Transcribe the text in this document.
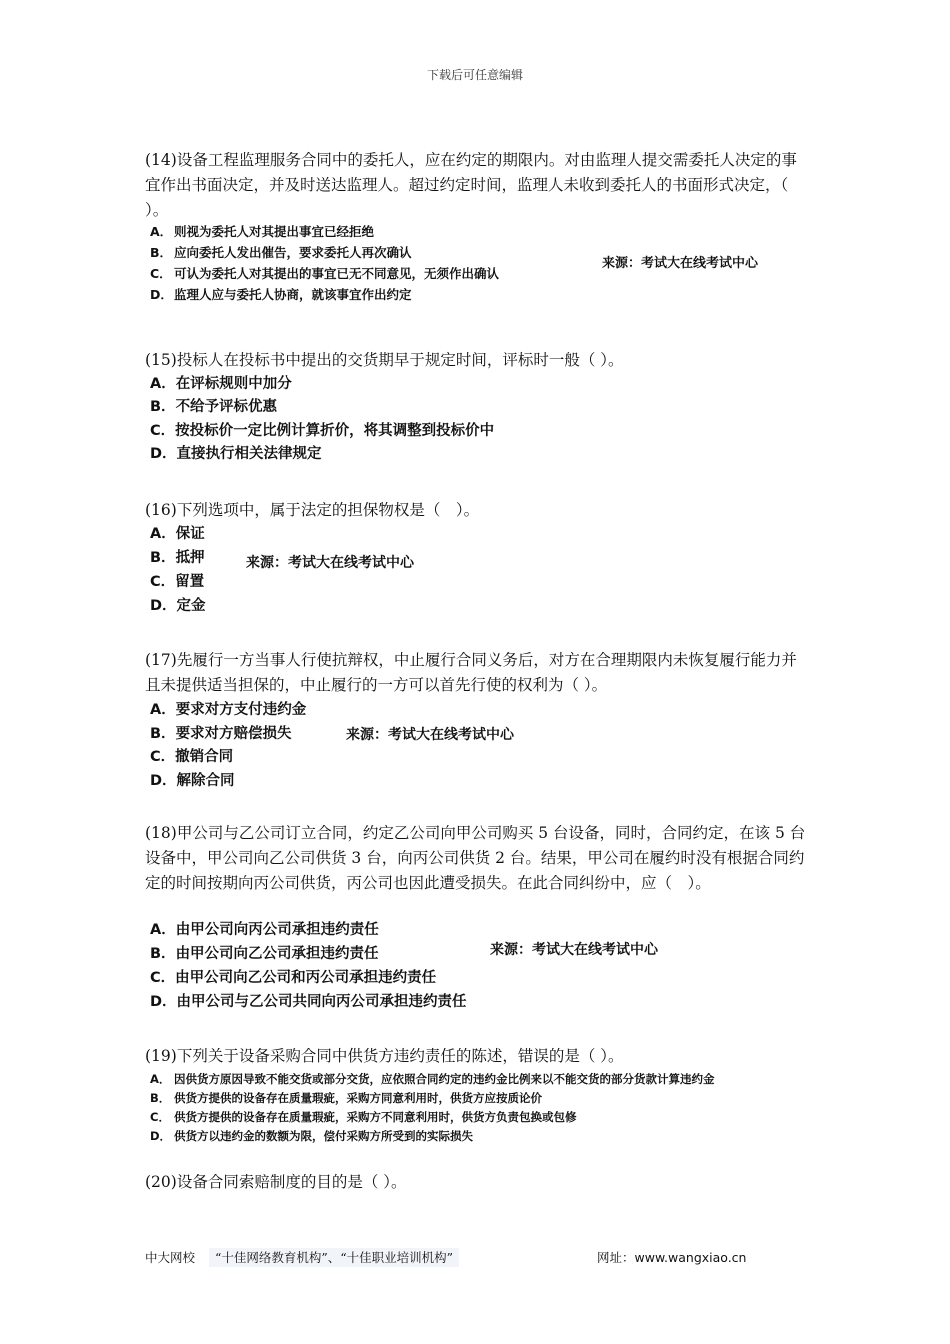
下载后可任意编辑
(14)设备工程监理服务合同中的委托人，应在约定的期限内。对由监理人提交需委托人决定的事宜作出书面决定，并及时送达监理人。超过约定时间，监理人未收到委托人的书面形式决定，（ ）。
A． 则视为委托人对其提出事宜已经拒绝
B． 应向委托人发出催告，要求委托人再次确认
C． 可认为委托人对其提出的事宜已无不同意见，无须作出确认
D．监理人应与委托人协商，就该事宜作出约定
来源：考试大在线考试中心
(15)投标人在投标书中提出的交货期早于规定时间，评标时一般（ ）。
A．在评标规则中加分
B．不给予评标优惠
C．按投标价一定比例计算折价，将其调整到投标价中
D．直接执行相关法律规定
(16)下列选项中，属于法定的担保物权是（　）。
A．保证
B．抵押
C．留置
D．定金
来源：考试大在线考试中心
(17)先履行一方当事人行使抗辩权，中止履行合同义务后，对方在合理期限内未恢复履行能力并且未提供适当担保的，中止履行的一方可以首先行使的权利为（ ）。
A．要求对方支付违约金
B．要求对方赔偿损失
C．撤销合同
D．解除合同
来源：考试大在线考试中心
(18)甲公司与乙公司订立合同，约定乙公司向甲公司购买 5 台设备，同时，合同约定，在该 5 台设备中，甲公司向乙公司供货 3 台，向丙公司供货 2 台。结果，甲公司在履约时没有根据合同约定的时间按期向丙公司供货，丙公司也因此遭受损失。在此合同纠纷中，应（　）。
A．由甲公司向丙公司承担违约责任
B．由甲公司向乙公司承担违约责任
C．由甲公司向乙公司和丙公司承担违约责任
D．由甲公司与乙公司共同向丙公司承担违约责任
来源：考试大在线考试中心
(19)下列关于设备采购合同中供货方违约责任的陈述，错误的是（ ）。
A． 因供货方原因导致不能交货或部分交货，应依照合同约定的违约金比例来以不能交货的部分货款计算违约金
B． 供货方提供的设备存在质量瑕疵，采购方同意利用时，供货方应按质论价
C． 供货方提供的设备存在质量瑕疵，采购方不同意利用时，供货方负责包换或包修
D． 供货方以违约金的数额为限，偿付采购方所受到的实际损失
(20)设备合同索赔制度的目的是（ ）。
中大网校 “十佳网络教育机构”、“十佳职业培训机构”	网址：www.wangxiao.cn
